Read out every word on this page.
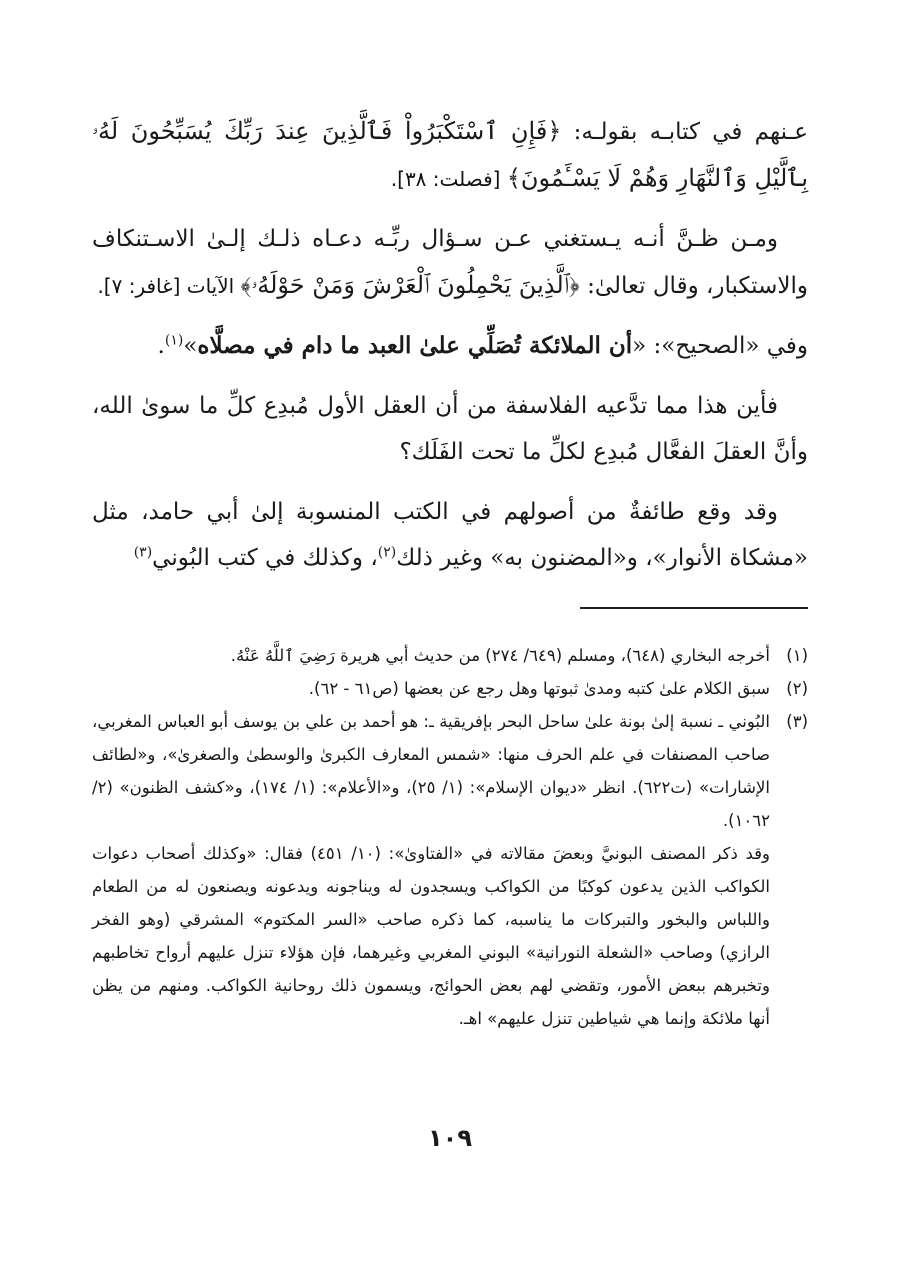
عـنهم في كتابـه بقولـه: ﴿فَإِنِ ٱسْتَكْبَرُواْ فَٱلَّذِينَ عِندَ رَبِّكَ يُسَبِّحُونَ لَهُۥ بِٱلَّيْلِ وَٱلنَّهَارِ وَهُمْ لَا يَسْـَٔمُونَ﴾ [فصلت: ٣٨].

ومـن ظـنَّ أنـه يـستغني عـن سـؤال ربِّـه دعـاه ذلـك إلـىٰ الاسـتنكاف والاستكبار، وقال تعالىٰ: ﴿ٱلَّذِينَ يَحْمِلُونَ ٱلْعَرْشَ وَمَنْ حَوْلَهُۥ﴾ الآيات [غافر: ٧].

وفي «الصحيح»: «أن الملائكة تُصَلِّي علىٰ العبد ما دام في مصلَّاه»$^{(١)}$.

فأين هذا مما تدَّعيه الفلاسفة من أن العقل الأول مُبدِع كلِّ ما سوىٰ الله، وأنَّ العقلَ الفعَّال مُبدِع لكلِّ ما تحت الفَلَك؟

وقد وقع طائفةٌ من أصولهم في الكتب المنسوبة إلىٰ أبي حامد، مثل «مشكاة الأنوار»، و«المضنون به» وغير ذلك$^{(٢)}$، وكذلك في كتب البُوني$^{(٣)}$

(١)
أخرجه البخاري (٦٤٨)، ومسلم (٦٤٩/ ٢٧٤) من حديث أبي هريرة رَضِيَ ٱللَّهُ عَنْهُ.
(٢)
سبق الكلام علىٰ كتبه ومدىٰ ثبوتها وهل رجع عن بعضها (ص٦١ - ٦٢).
(٣)
البُوني ـ نسبة إلىٰ بونة علىٰ ساحل البحر بإفريقية ـ: هو أحمد بن علي بن يوسف أبو العباس المغربي، صاحب المصنفات في علم الحرف منها: «شمس المعارف الكبرىٰ والوسطىٰ والصغرىٰ»، و«لطائف الإشارات» (ت٦٢٢). انظر «ديوان الإسلام»: (١/ ٢٥)، و«الأعلام»: (١/ ١٧٤)، و«كشف الظنون» (٢/ ١٠٦٢).

وقد ذكر المصنف البونيَّ وبعضَ مقالاته في «الفتاوىٰ»: (١٠/ ٤٥١) فقال: «وكذلك أصحاب دعوات الكواكب الذين يدعون كوكبًا من الكواكب ويسجدون له ويناجونه ويدعونه ويصنعون له من الطعام واللباس والبخور والتبركات ما يناسبه، كما ذكره صاحب «السر المكتوم» المشرقي (وهو الفخر الرازي) وصاحب «الشعلة النورانية» البوني المغربي وغيرهما، فإن هؤلاء تنزل عليهم أرواح تخاطبهم وتخبرهم ببعض الأمور، وتقضي لهم بعض الحوائج، ويسمون ذلك روحانية الكواكب. ومنهم من يظن أنها ملائكة وإنما هي شياطين تنزل عليهم» اهـ.

١٠٩
